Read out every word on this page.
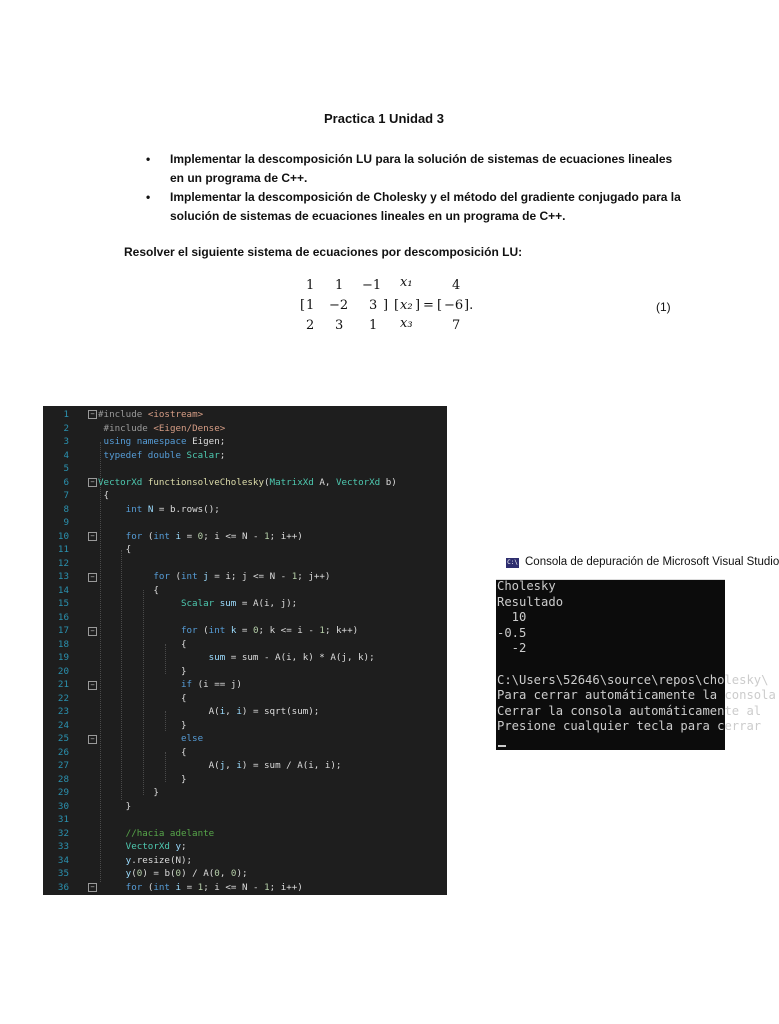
Practica 1 Unidad 3
• Implementar la descomposición LU para la solución de sistemas de ecuaciones lineales en un programa de C++.
• Implementar la descomposición de Cholesky y el método del gradiente conjugado para la solución de sistemas de ecuaciones lineales en un programa de C++.
Resolver el siguiente sistema de ecuaciones por descomposición LU:
1 1 −1
[ 1 −2 3 ]
2 3 1
x₁
[ x₂ ]
x₃
=
4
[ −6 ].
7
(1)
1
2
3
4
5
6
7
8
9
10
11
12
13
14
15
16
17
18
19
20
21
22
23
24
25
26
27
28
29
30
31
32
33
34
35
36
−
−
−
−
−
−
−
−
#include <iostream>
#include <Eigen/Dense>
using namespace Eigen;
typedef double Scalar;
VectorXd functionsolveCholesky(MatrixXd A, VectorXd b)
{
int N = b.rows();
for (int i = 0; i <= N - 1; i++)
{
for (int j = i; j <= N - 1; j++)
{
Scalar sum = A(i, j);
for (int k = 0; k <= i - 1; k++)
{
sum = sum - A(i, k) * A(j, k);
}
if (i == j)
{
A(i, i) = sqrt(sum);
}
else
{
A(j, i) = sum / A(i, i);
}
}
}
//hacia adelante
VectorXd y;
y.resize(N);
y(0) = b(0) / A(0, 0);
for (int i = 1; i <= N - 1; i++)
C:\ Consola de depuración de Microsoft Visual Studio
Cholesky
Resultado
10
-0.5
-2
C:\Users\52646\source\repos\cholesky\
Para cerrar automáticamente la consola
Cerrar la consola automáticamente al
Presione cualquier tecla para cerrar
